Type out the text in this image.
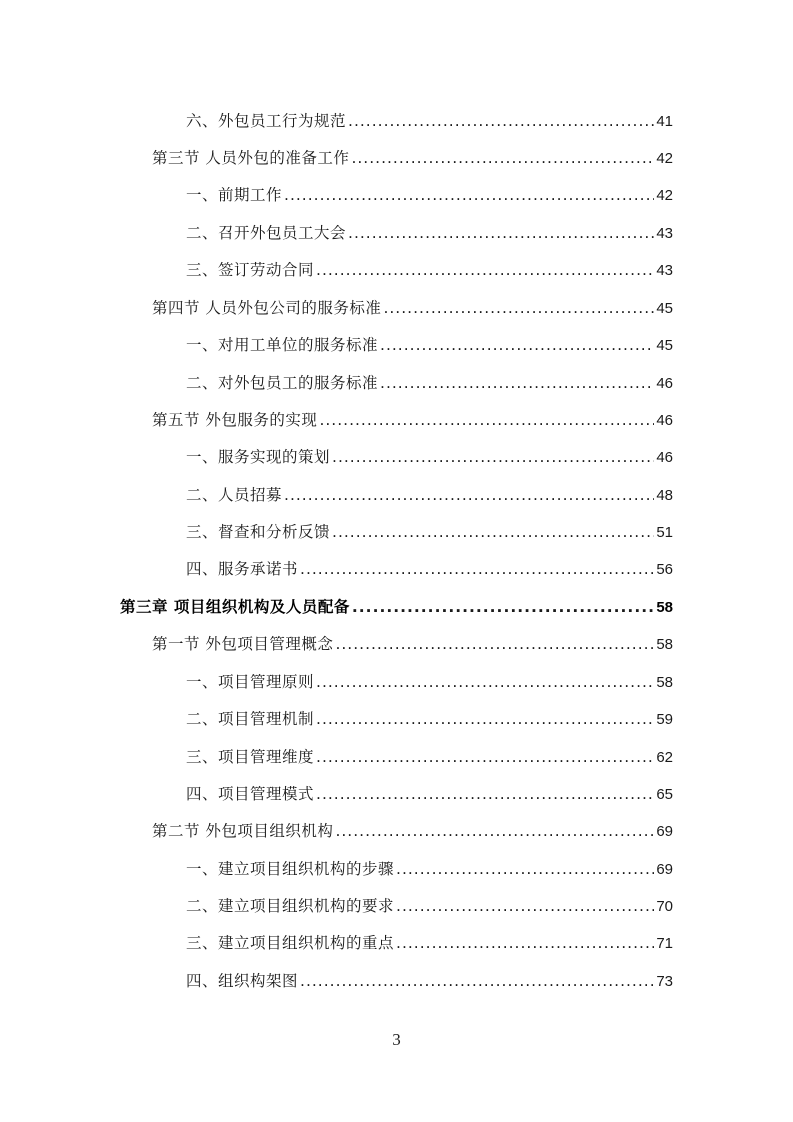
六、外包员工行为规范 .....	41
第三节 人员外包的准备工作 .....	42
一、前期工作 .....	42
二、召开外包员工大会 .....	43
三、签订劳动合同 .....	43
第四节 人员外包公司的服务标准 .....	45
一、对用工单位的服务标准 .....	45
二、对外包员工的服务标准 .....	46
第五节 外包服务的实现 .....	46
一、服务实现的策划 .....	46
二、人员招募 .....	48
三、督查和分析反馈 .....	51
四、服务承诺书 .....	56
第三章 项目组织机构及人员配备 .....	58
第一节 外包项目管理概念 .....	58
一、项目管理原则 .....	58
二、项目管理机制 .....	59
三、项目管理维度 .....	62
四、项目管理模式 .....	65
第二节 外包项目组织机构 .....	69
一、建立项目组织机构的步骤 .....	69
二、建立项目组织机构的要求 .....	70
三、建立项目组织机构的重点 .....	71
四、组织构架图 .....	73
3
